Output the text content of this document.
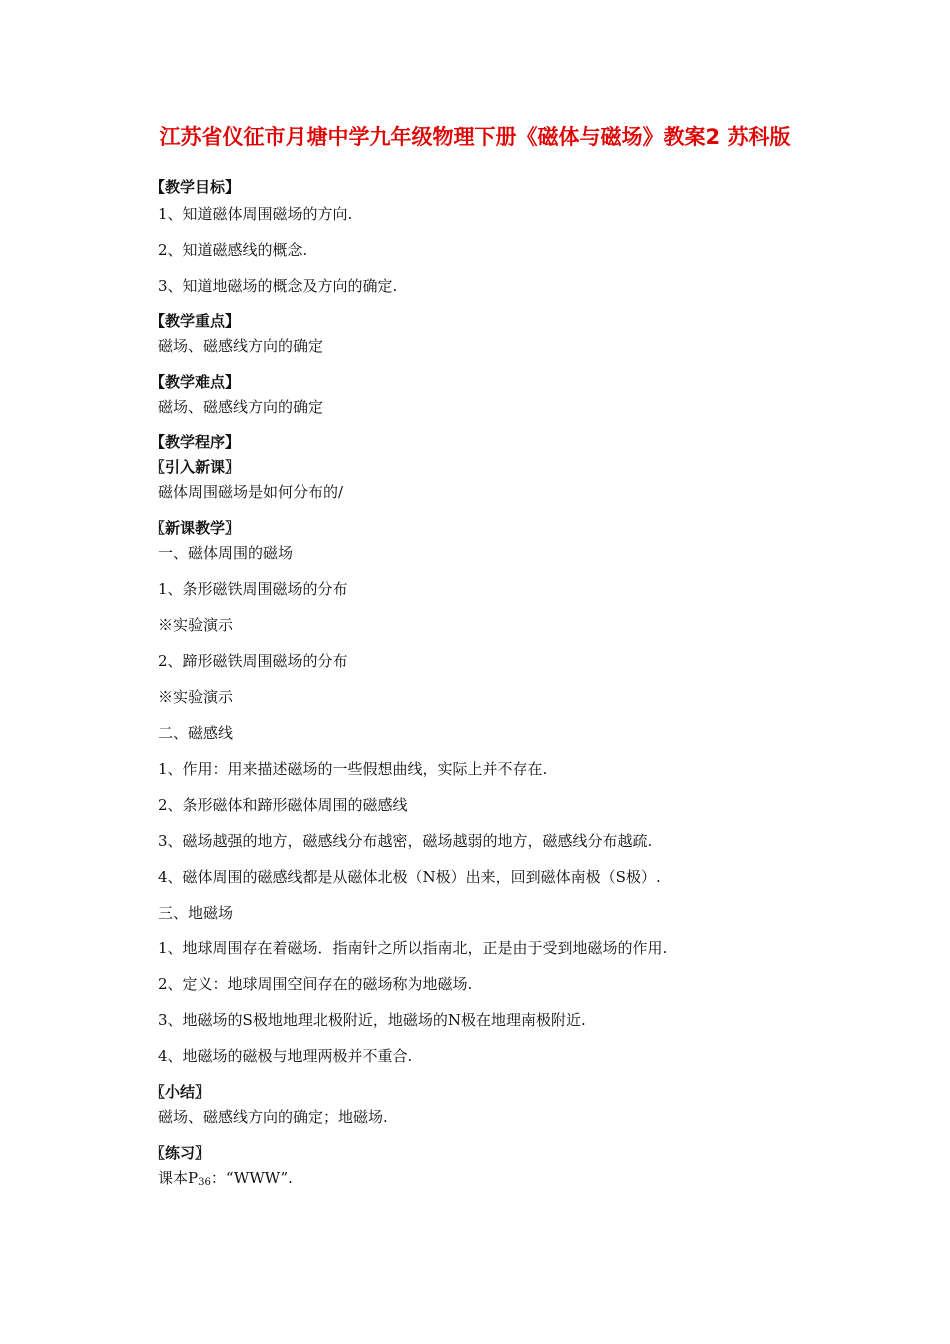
江苏省仪征市月塘中学九年级物理下册《磁体与磁场》教案2 苏科版
【教学目标】
1、知道磁体周围磁场的方向.
2、知道磁感线的概念.
3、知道地磁场的概念及方向的确定.
【教学重点】
磁场、磁感线方向的确定
【教学难点】
磁场、磁感线方向的确定
【教学程序】
〖引入新课〗
磁体周围磁场是如何分布的/
〖新课教学〗
一、磁体周围的磁场
1、条形磁铁周围磁场的分布
※实验演示
2、蹄形磁铁周围磁场的分布
※实验演示
二、磁感线
1、作用：用来描述磁场的一些假想曲线，实际上并不存在.
2、条形磁体和蹄形磁体周围的磁感线
3、磁场越强的地方，磁感线分布越密，磁场越弱的地方，磁感线分布越疏.
4、磁体周围的磁感线都是从磁体北极（N极）出来，回到磁体南极（S极）.
三、地磁场
1、地球周围存在着磁场．指南针之所以指南北，正是由于受到地磁场的作用.
2、定义：地球周围空间存在的磁场称为地磁场.
3、地磁场的S极地地理北极附近，地磁场的N极在地理南极附近.
4、地磁场的磁极与地理两极并不重合.
〖小结〗
磁场、磁感线方向的确定；地磁场.
〖练习〗
课本$P_{36}$：“WWW”.
